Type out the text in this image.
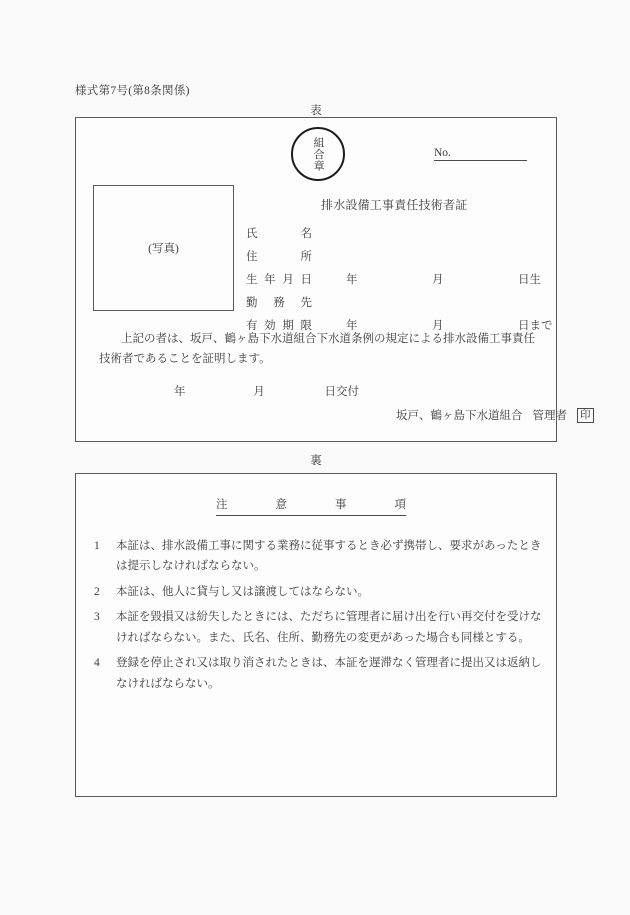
様式第7号(第8条関係)
表
組合章	No.
(写真)
排水設備工事責任技術者証
氏名
住所
生年月日	年	月	日生
勤務先
有効期限	年	月	日まで
上記の者は、坂戸、鶴ヶ島下水道組合下水道条例の規定による排水設備工事責任技術者であることを証明します。
年	月	日交付
坂戸、鶴ヶ島下水道組合 管理者 印
裏
注意事項
1	本証は、排水設備工事に関する業務に従事するとき必ず携帯し、要求があったときは提示しなければならない。
2	本証は、他人に貸与し又は譲渡してはならない。
3	本証を毀損又は紛失したときには、ただちに管理者に届け出を行い再交付を受けなければならない。また、氏名、住所、勤務先の変更があった場合も同様とする。
4	登録を停止され又は取り消されたときは、本証を遅滞なく管理者に提出又は返納しなければならない。
